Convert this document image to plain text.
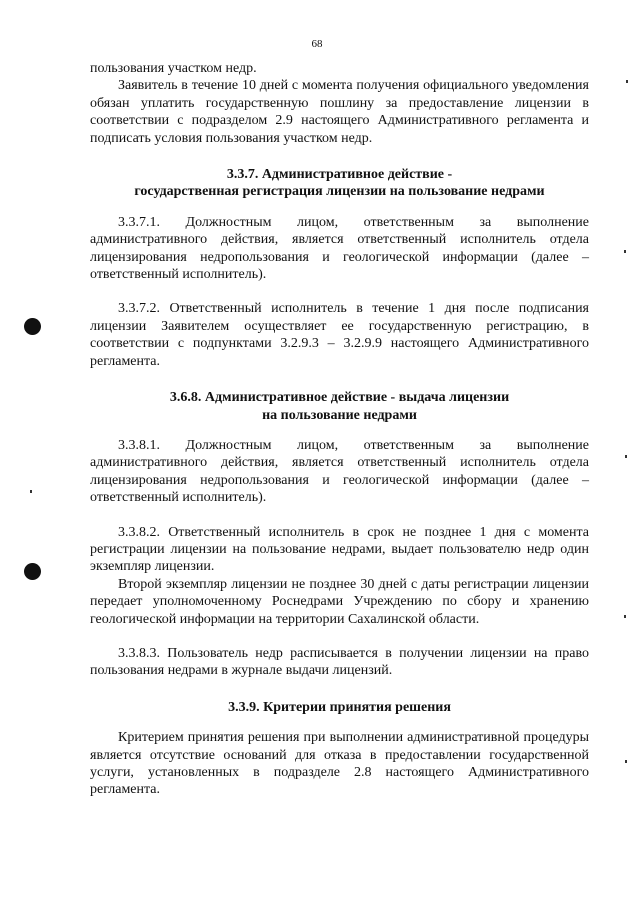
68

пользования участком недр.

Заявитель в течение 10 дней с момента получения официального уведомления обязан уплатить государственную пошлину за предоставление лицензии в соответствии с подразделом 2.9 настоящего Административного регламента и подписать условия пользования участком недр.

3.3.7. Административное действие -
государственная регистрация лицензии на пользование недрами

3.3.7.1. Должностным лицом, ответственным за выполнение административного действия, является ответственный исполнитель отдела лицензирования недропользования и геологической информации (далее – ответственный исполнитель).

3.3.7.2. Ответственный исполнитель в течение 1 дня после подписания лицензии Заявителем осуществляет ее государственную регистрацию, в соответствии с подпунктами 3.2.9.3 – 3.2.9.9 настоящего Административного регламента.

3.6.8. Административное действие - выдача лицензии
на пользование недрами

3.3.8.1. Должностным лицом, ответственным за выполнение административного действия, является ответственный исполнитель отдела лицензирования недропользования и геологической информации (далее – ответственный исполнитель).

3.3.8.2. Ответственный исполнитель в срок не позднее 1 дня с момента регистрации лицензии на пользование недрами, выдает пользователю недр один экземпляр лицензии.

Второй экземпляр лицензии не позднее 30 дней с даты регистрации лицензии передает уполномоченному Роснедрами Учреждению по сбору и хранению геологической информации на территории Сахалинской области.

3.3.8.3. Пользователь недр расписывается в получении лицензии на право пользования недрами в журнале выдачи лицензий.

3.3.9. Критерии принятия решения

Критерием принятия решения при выполнении административной процедуры является отсутствие оснований для отказа в предоставлении государственной услуги, установленных в подразделе 2.8 настоящего Административного регламента.
